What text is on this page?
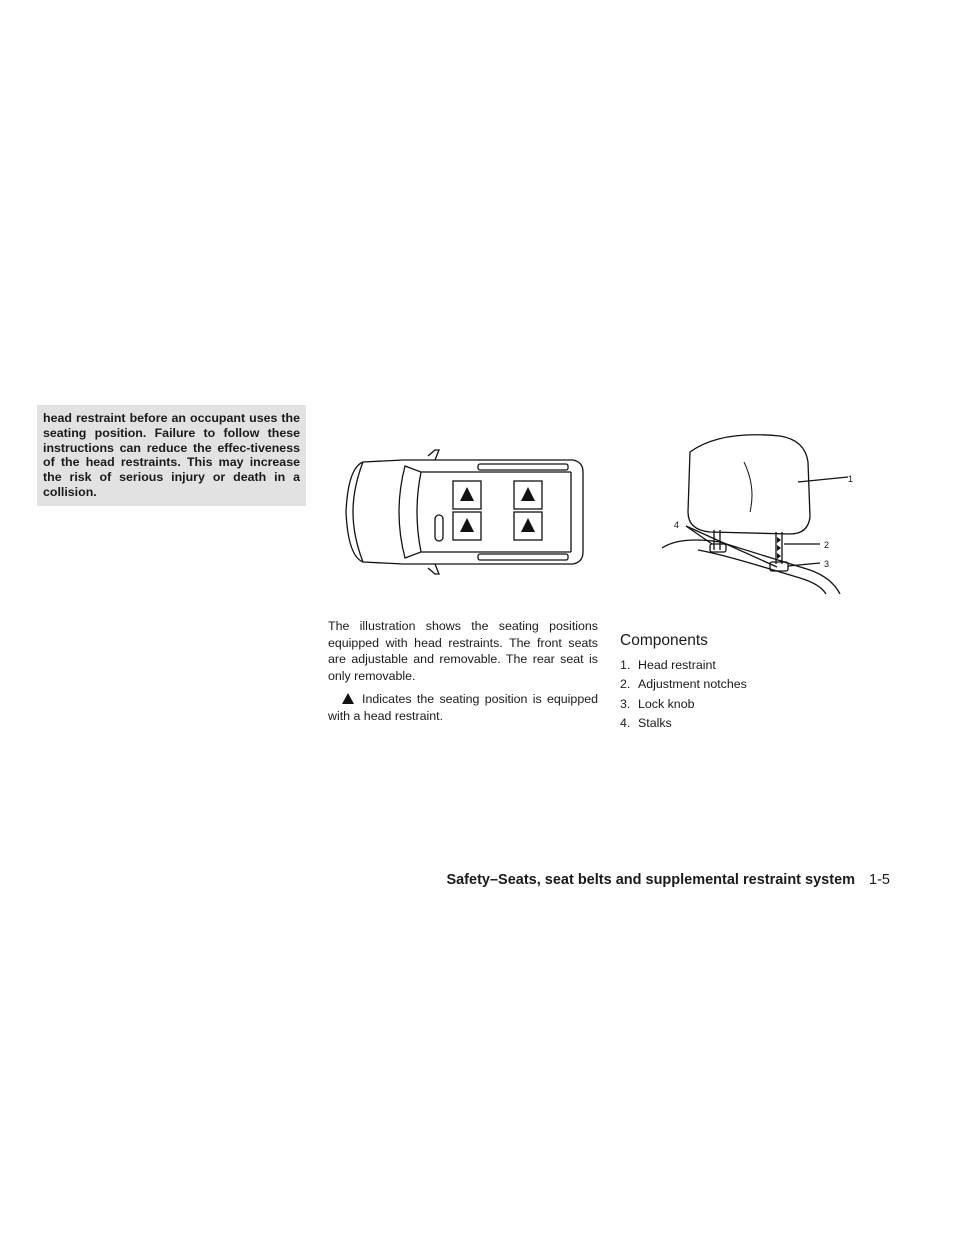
head restraint before an occupant uses the seating position. Failure to follow these instructions can reduce the effec-tiveness of the head restraints. This may increase the risk of serious injury or death in a collision.

1
2
3
4

The illustration shows the seating positions equipped with head restraints. The front seats are adjustable and removable. The rear seat is only removable.

Indicates the seating position is equipped with a head restraint.

Components
1. Head restraint
2. Adjustment notches
3. Lock knob
4. Stalks
Safety–Seats, seat belts and supplemental restraint system 1-5
